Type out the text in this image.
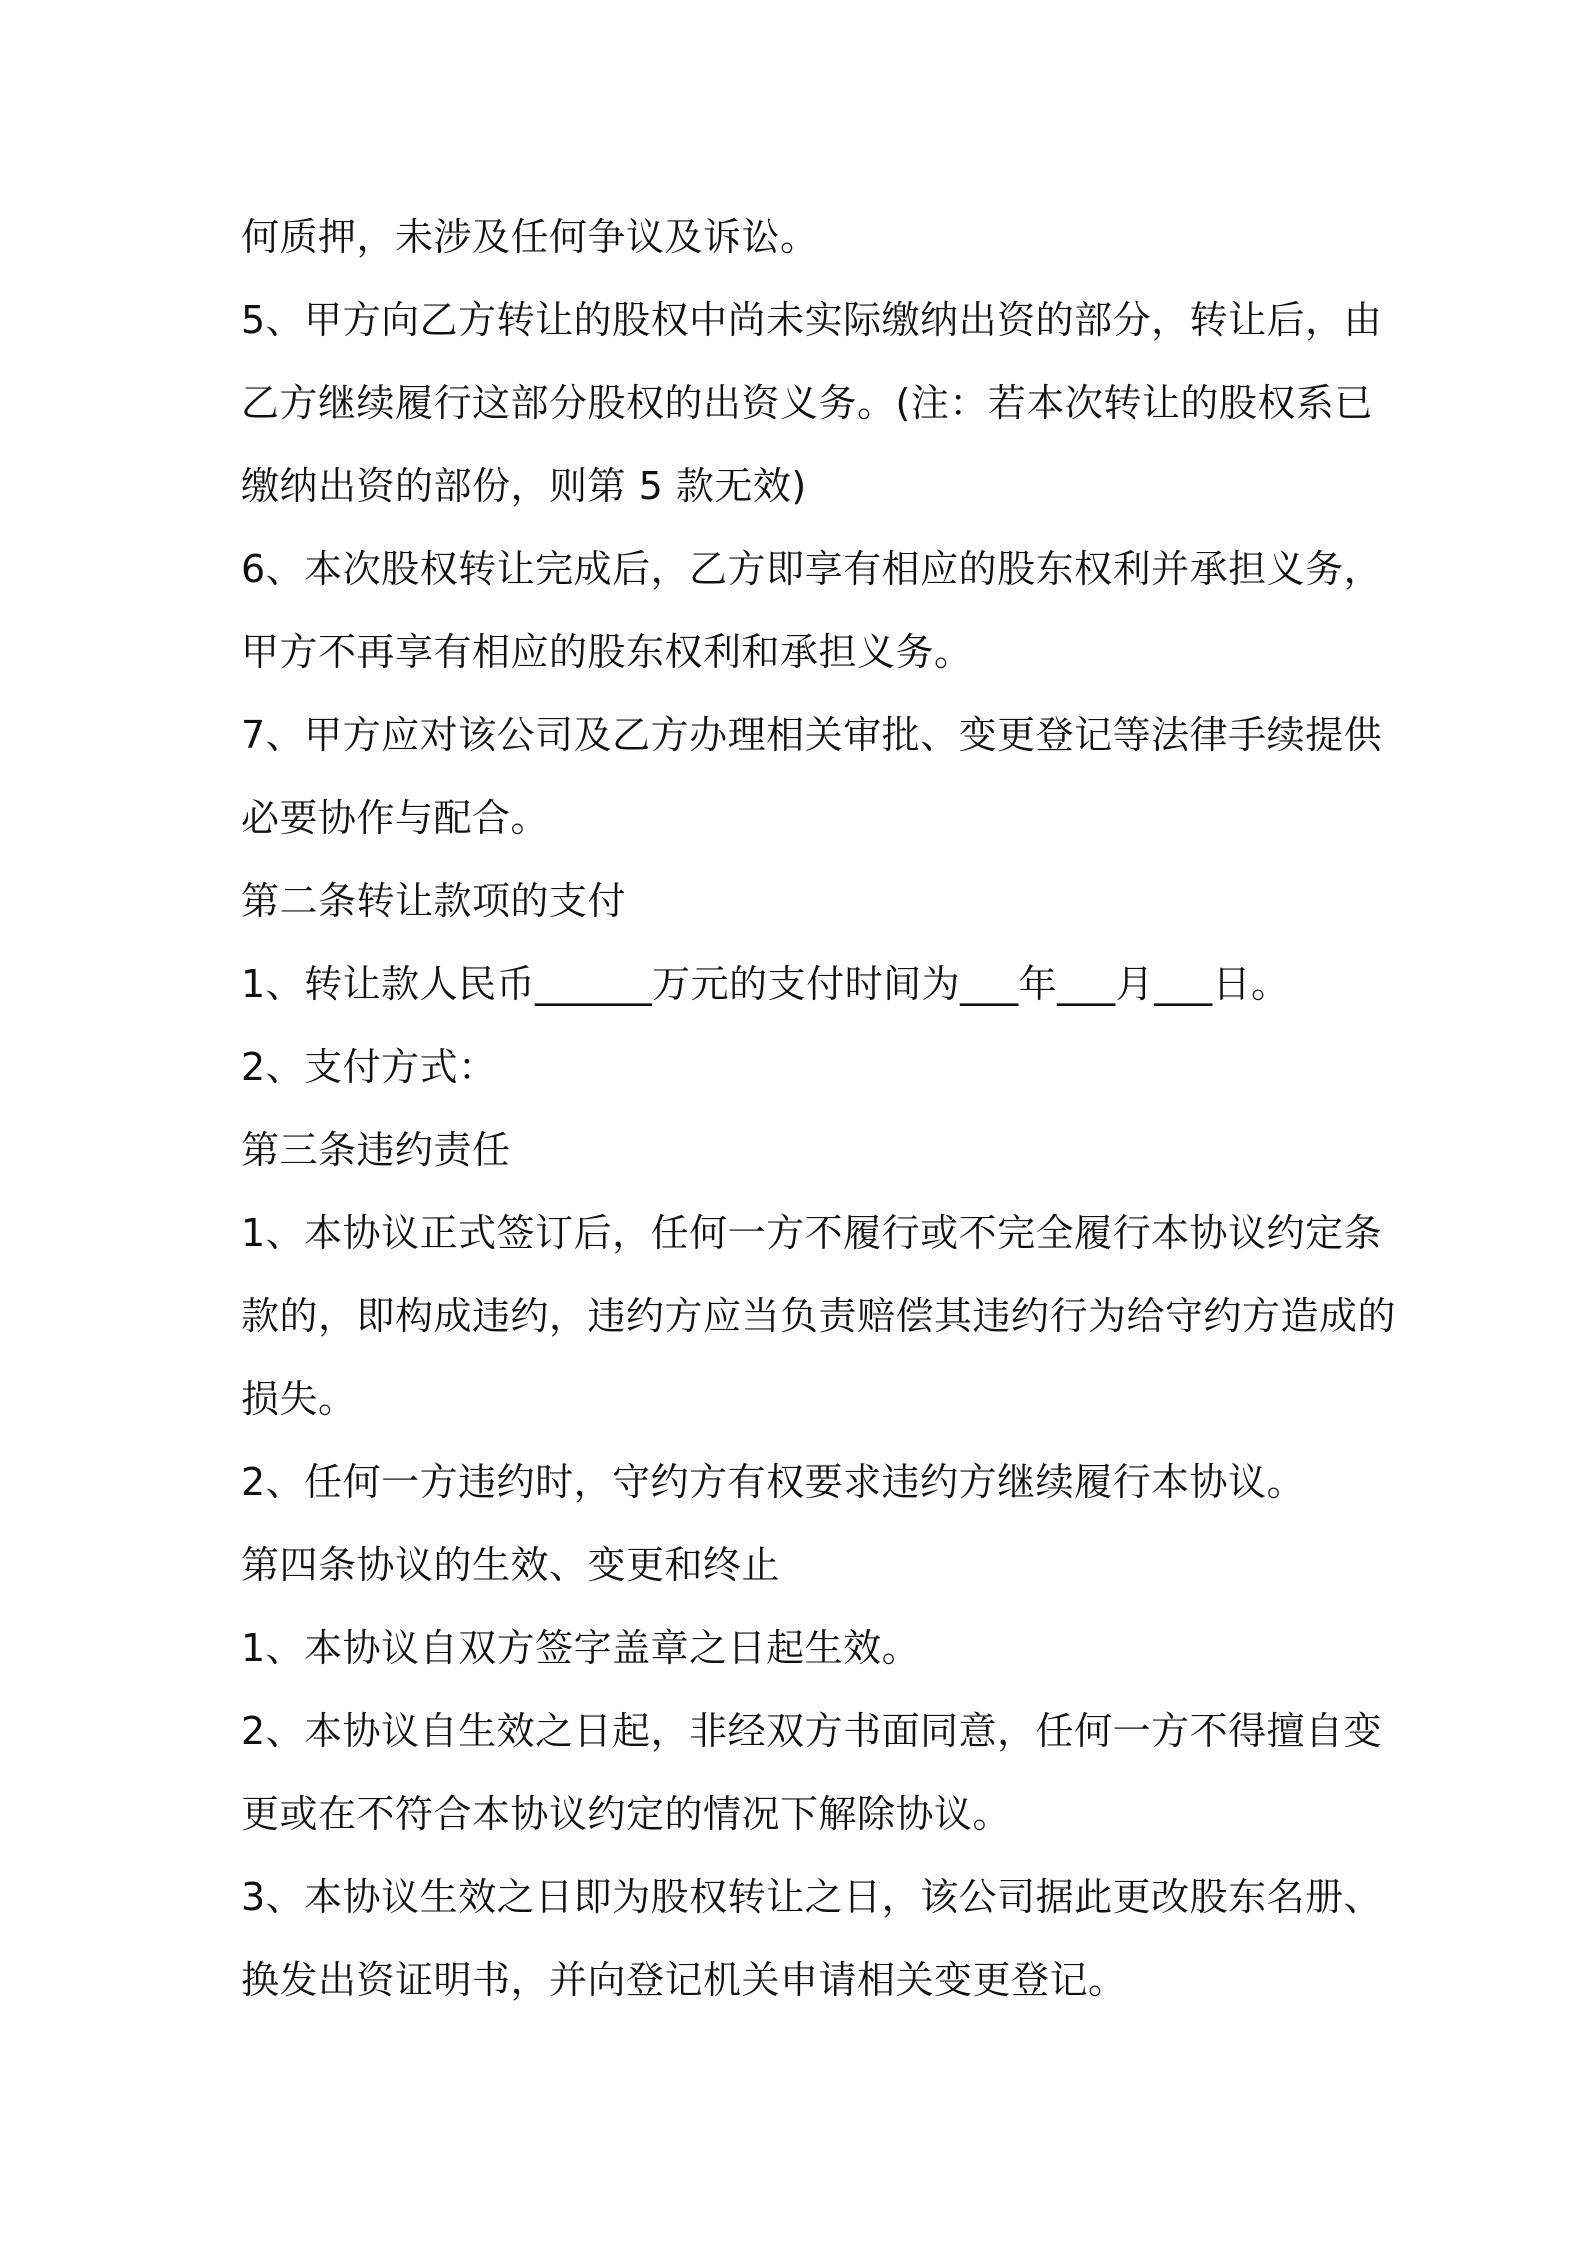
何质押，未涉及任何争议及诉讼。
5、甲方向乙方转让的股权中尚未实际缴纳出资的部分，转让后，由
乙方继续履行这部分股权的出资义务。(注：若本次转让的股权系已
缴纳出资的部份，则第 5 款无效)
6、本次股权转让完成后，乙方即享有相应的股东权利并承担义务，
甲方不再享有相应的股东权利和承担义务。
7、甲方应对该公司及乙方办理相关审批、变更登记等法律手续提供
必要协作与配合。
第二条转让款项的支付
1、转让款人民币______万元的支付时间为___年___月___日。
2、支付方式：
第三条违约责任
1、本协议正式签订后，任何一方不履行或不完全履行本协议约定条
款的，即构成违约，违约方应当负责赔偿其违约行为给守约方造成的
损失。
2、任何一方违约时，守约方有权要求违约方继续履行本协议。
第四条协议的生效、变更和终止
1、本协议自双方签字盖章之日起生效。
2、本协议自生效之日起，非经双方书面同意，任何一方不得擅自变
更或在不符合本协议约定的情况下解除协议。
3、本协议生效之日即为股权转让之日，该公司据此更改股东名册、
换发出资证明书，并向登记机关申请相关变更登记。
